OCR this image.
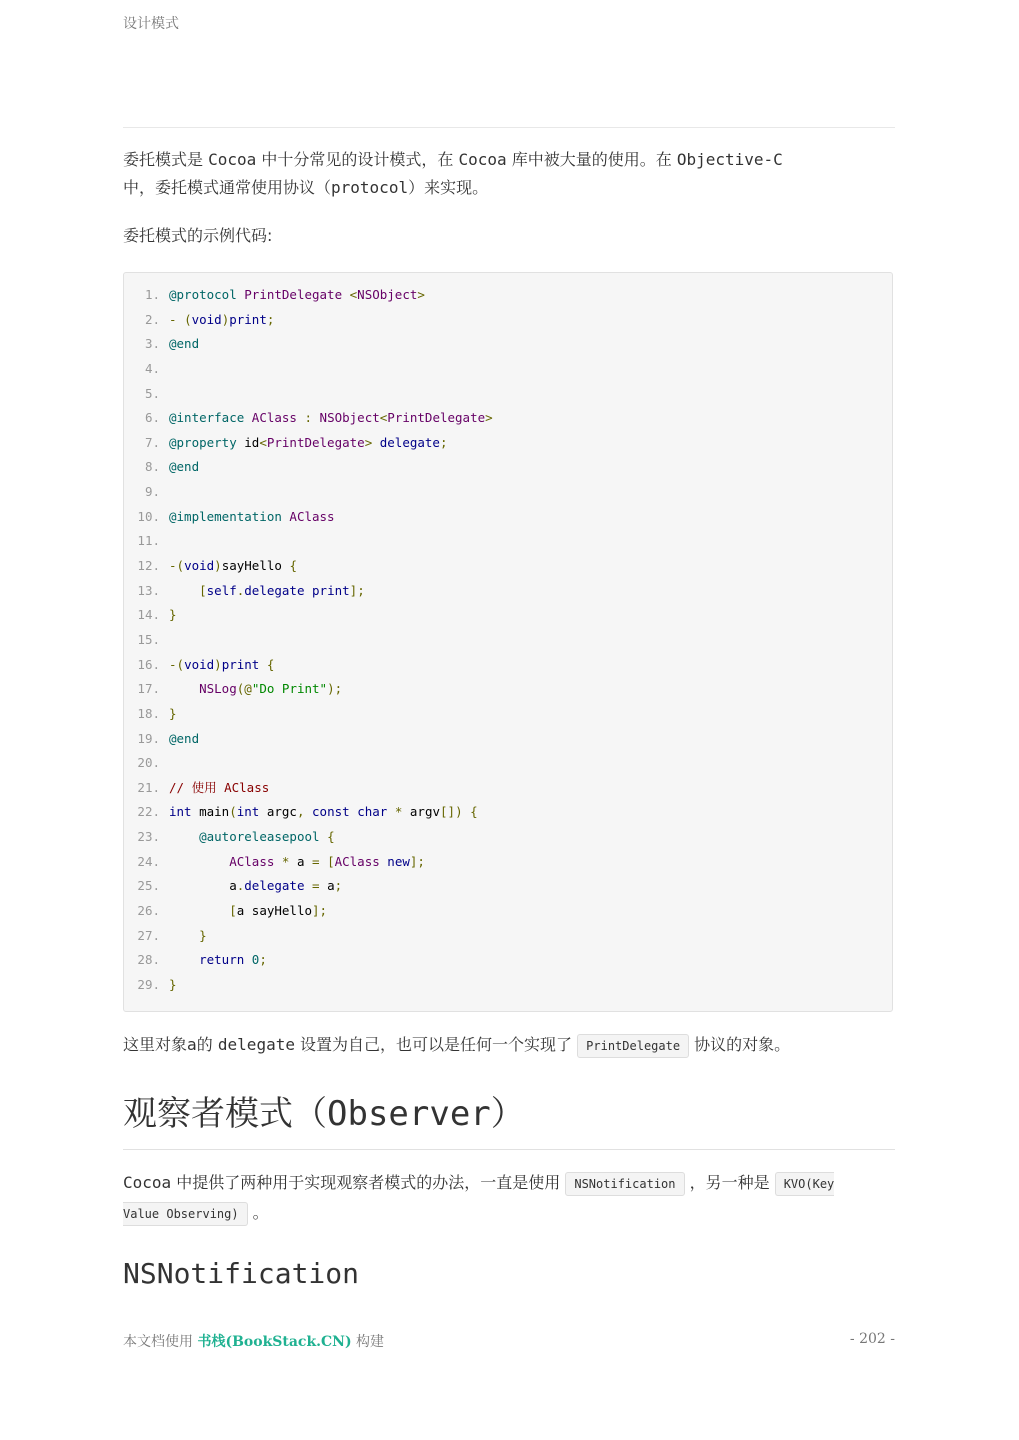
设计模式
委托模式是 Cocoa 中十分常见的设计模式，在 Cocoa 库中被大量的使用。在 Objective-C
中，委托模式通常使用协议（protocol）来实现。
委托模式的示例代码:
1. @protocol PrintDelegate <NSObject>
2. - (void)print;
3. @end
4.
5.
6. @interface AClass : NSObject<PrintDelegate>
7. @property id<PrintDelegate> delegate;
8. @end
9.
10. @implementation AClass
11.
12. -(void)sayHello {
13.	[self.delegate print];
14. }
15.
16. -(void)print {
17.	NSLog(@"Do Print");
18. }
19. @end
20.
21. // 使用 AClass
22. int main(int argc, const char * argv[]) {
23.	@autoreleasepool {
24.	AClass * a = [AClass new];
25. a.delegate = a;
26.	[a sayHello];
27.	}
28.	return 0;
29. }
这里对象a的 delegate 设置为自己，也可以是任何一个实现了 PrintDelegate 协议的对象。
观察者模式（Observer）
Cocoa 中提供了两种用于实现观察者模式的办法，一直是使用 NSNotification ，另一种是 KVO(Key
Value Observing) 。
NSNotification
本文档使用 书栈(BookStack.CN) 构建	- 202 -
